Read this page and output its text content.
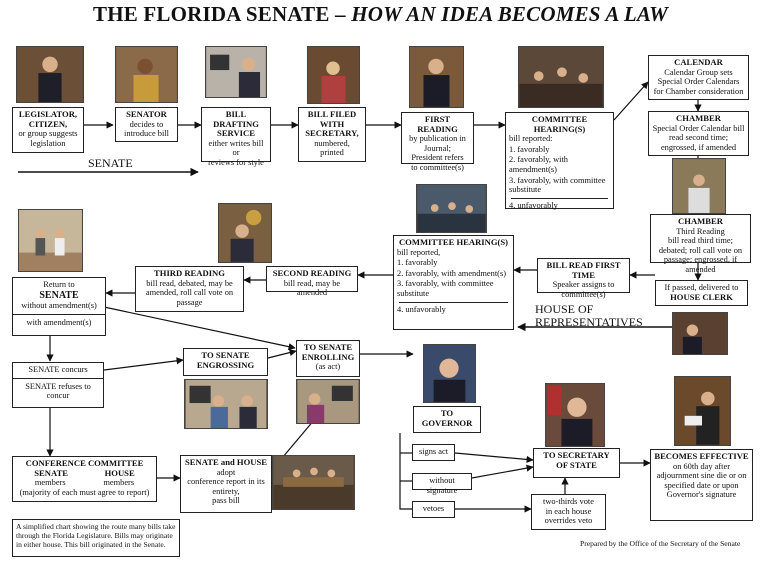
THE FLORIDA SENATE – HOW AN IDEA BECOMES A LAW
LEGISLATOR,
CITIZEN,
or group suggests
legislation
SENATOR
decides to
introduce bill
BILL DRAFTING
SERVICE
either writes bill
or
reviews for style
BILL FILED
WITH
SECRETARY,
numbered,
printed
FIRST READING
by publication in
Journal;
President refers
to committee(s)
COMMITTEE HEARING(S)
bill reported:
1. favorably
2. favorably, with amendment(s)
3. favorably, with committee substitute
4. unfavorably
SENATE
CALENDAR
Calendar Group sets Special Order Calendars for Chamber consideration
CHAMBER
Special Order Calendar bill read second time; engrossed, if amended
CHAMBER
Third Reading
bill read third time; debated; roll call vote on passage; engrossed, if amended
If passed, delivered to
HOUSE CLERK
HOUSE OF REPRESENTATIVES
BILL READ FIRST TIME
Speaker assigns to
committee(s)
COMMITTEE HEARING(S)
bill reported,
1. favorably
2. favorably, with amendment(s)
3. favorably, with committee substitute
4. unfavorably
SECOND READING
bill read, may be amended
THIRD READING
bill read, debated, may be amended, roll call vote on passage
Return to
SENATE
without amendment(s)
with amendment(s)
SENATE concurs
SENATE refuses to concur
TO SENATE
ENGROSSING
TO SENATE
ENROLLING
(as act)
CONFERENCE COMMITTEE
SENATE	HOUSE
members	members
(majority of each must agree to report)
SENATE and HOUSE
adopt
conference report in its entirety,
pass bill
TO
GOVERNOR
signs act
without signature
vetoes
two-thirds vote
in each house
overrides veto
TO SECRETARY
OF STATE
BECOMES EFFECTIVE
on 60th day after adjournment sine die or on specified date or upon Governor's signature
A simplified chart showing the route many bills take through the Florida Legislature. Bills may originate in either house. This bill originated in the Senate.	Prepared by the Office of the Secretary of the Senate
